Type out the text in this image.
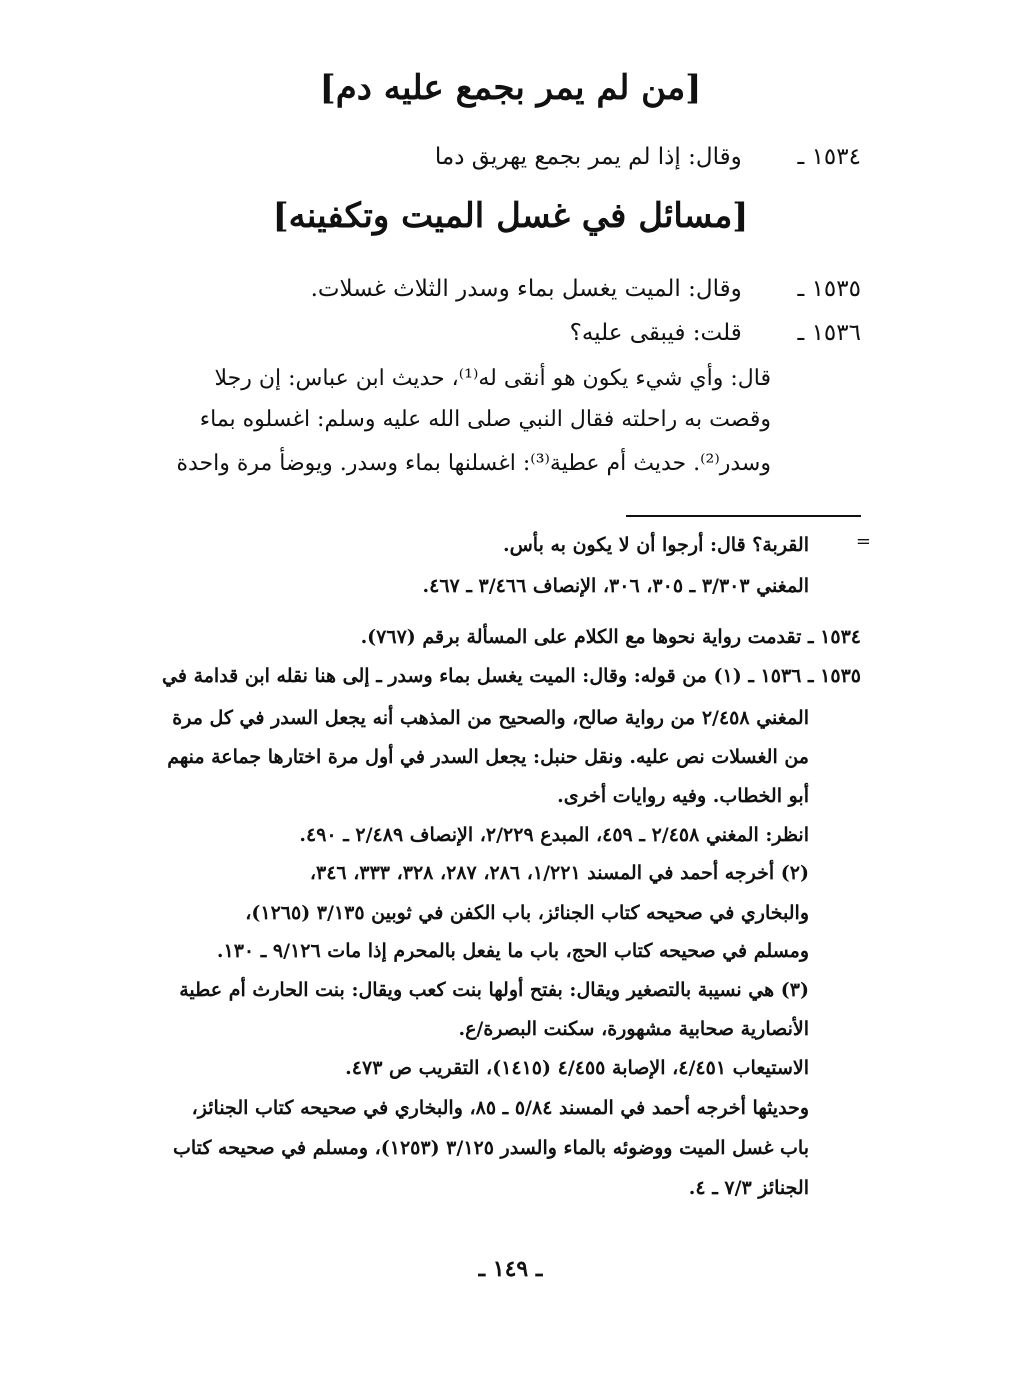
[من لم يمر بجمع عليه دم]
١٥٣٤ ـ وقال: إذا لم يمر بجمع يهريق دما
[مسائل في غسل الميت وتكفينه]
١٥٣٥ ـ وقال: الميت يغسل بماء وسدر الثلاث غسلات.
١٥٣٦ ـ قلت: فيبقى عليه؟
قال: وأي شيء يكون هو أنقى له⁽¹⁾، حديث ابن عباس: إن رجلا
وقصت به راحلته فقال النبي صلى الله عليه وسلم: اغسلوه بماء
وسدر⁽²⁾. حديث أم عطية⁽³⁾: اغسلنها بماء وسدر. ويوضأ مرة واحدة
=
القربة؟ قال: أرجوا أن لا يكون به بأس.
المغني ٣/٣٠٣ ـ ٣٠٥، ٣٠٦، الإنصاف ٣/٤٦٦ ـ ٤٦٧.
١٥٣٤ ـ تقدمت رواية نحوها مع الكلام على المسألة برقم (٧٦٧).
١٥٣٥ ـ ١٥٣٦ ـ (١) من قوله: وقال: الميت يغسل بماء وسدر ـ إلى هنا نقله ابن قدامة في
المغني ٢/٤٥٨ من رواية صالح، والصحيح من المذهب أنه يجعل السدر في كل مرة
من الغسلات نص عليه. ونقل حنبل: يجعل السدر في أول مرة اختارها جماعة منهم
أبو الخطاب. وفيه روايات أخرى.
انظر: المغني ٢/٤٥٨ ـ ٤٥٩، المبدع ٢/٢٢٩، الإنصاف ٢/٤٨٩ ـ ٤٩٠.
(٢) أخرجه أحمد في المسند ١/٢٢١، ٢٨٦، ٢٨٧، ٣٢٨، ٣٣٣، ٣٤٦،
والبخاري في صحيحه كتاب الجنائز، باب الكفن في ثوبين ٣/١٣٥ (١٢٦٥)،
ومسلم في صحيحه كتاب الحج، باب ما يفعل بالمحرم إذا مات ٩/١٢٦ ـ ١٣٠.
(٣) هي نسيبة بالتصغير ويقال: بفتح أولها بنت كعب ويقال: بنت الحارث أم عطية
الأنصارية صحابية مشهورة، سكنت البصرة/ع.
الاستيعاب ٤/٤٥١، الإصابة ٤/٤٥٥ (١٤١٥)، التقريب ص ٤٧٣.
وحديثها أخرجه أحمد في المسند ٥/٨٤ ـ ٨٥، والبخاري في صحيحه كتاب الجنائز،
باب غسل الميت ووضوئه بالماء والسدر ٣/١٢٥ (١٢٥٣)، ومسلم في صحيحه كتاب
الجنائز ٧/٣ ـ ٤.
ـ ١٤٩ ـ
